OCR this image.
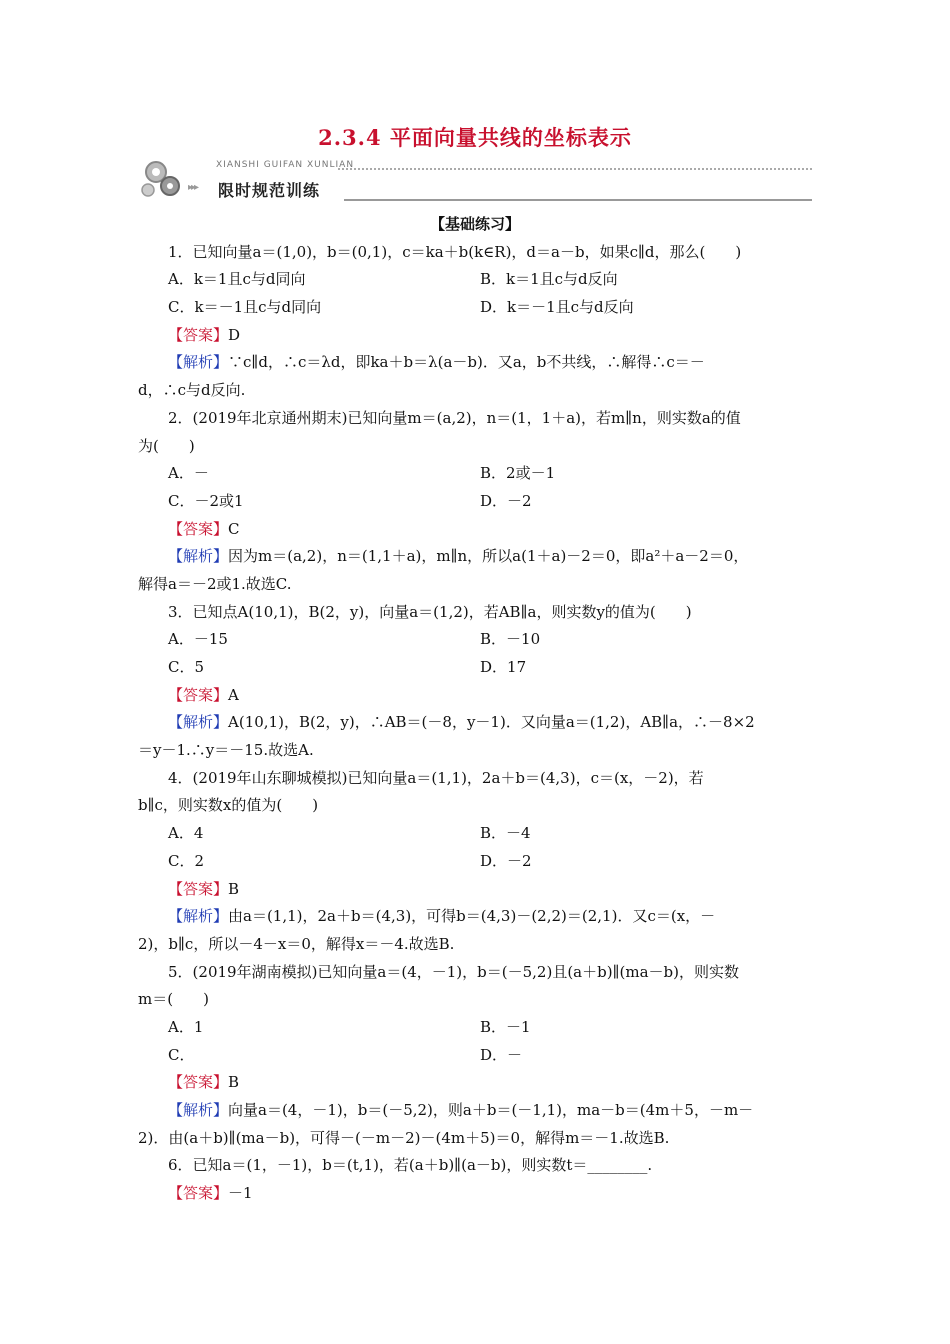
2.3.4 平面向量共线的坐标表示
XIANSHI GUIFAN XUNLIAN
▸▸▸ 限时规范训练
【基础练习】
1．已知向量a＝(1,0)，b＝(0,1)，c＝ka＋b(k∈R)，d＝a－b，如果c∥d，那么(　　)
A．k＝1且c与d同向	B．k＝1且c与d反向
C．k＝－1且c与d同向	D．k＝－1且c与d反向
【答案】D
【解析】∵c∥d，∴c＝λd，即ka＋b＝λ(a－b)．又a，b不共线，∴解得∴c＝－
d，∴c与d反向.
2．(2019年北京通州期末)已知向量m＝(a,2)，n＝(1，1＋a)，若m∥n，则实数a的值
为(　　)
A．－	B．2或－1
C．－2或1	D．－2
【答案】C
【解析】因为m＝(a,2)，n＝(1,1＋a)，m∥n，所以a(1＋a)－2＝0，即a²＋a－2＝0，
解得a＝－2或1.故选C.
3．已知点A(10,1)，B(2，y)，向量a＝(1,2)，若AB∥a，则实数y的值为(　　)
A．－15	B．－10
C．5	D．17
【答案】A
【解析】A(10,1)，B(2，y)，∴AB＝(－8，y－1)．又向量a＝(1,2)，AB∥a，∴－8×2
＝y－1.∴y＝－15.故选A.
4．(2019年山东聊城模拟)已知向量a＝(1,1)，2a＋b＝(4,3)，c＝(x，－2)，若
b∥c，则实数x的值为(　　)
A．4	B．－4
C．2	D．－2
【答案】B
【解析】由a＝(1,1)，2a＋b＝(4,3)，可得b＝(4,3)－(2,2)＝(2,1)．又c＝(x，－
2)，b∥c，所以－4－x＝0，解得x＝－4.故选B.
5．(2019年湖南模拟)已知向量a＝(4，－1)，b＝(－5,2)且(a＋b)∥(ma－b)，则实数
m＝(　　)
A．1	B．－1
C．	D．－
【答案】B
【解析】向量a＝(4，－1)，b＝(－5,2)，则a＋b＝(－1,1)，ma－b＝(4m＋5，－m－
2)．由(a＋b)∥(ma－b)，可得－(－m－2)－(4m＋5)＝0，解得m＝－1.故选B.
6．已知a＝(1，－1)，b＝(t,1)，若(a＋b)∥(a－b)，则实数t＝________.
【答案】－1
